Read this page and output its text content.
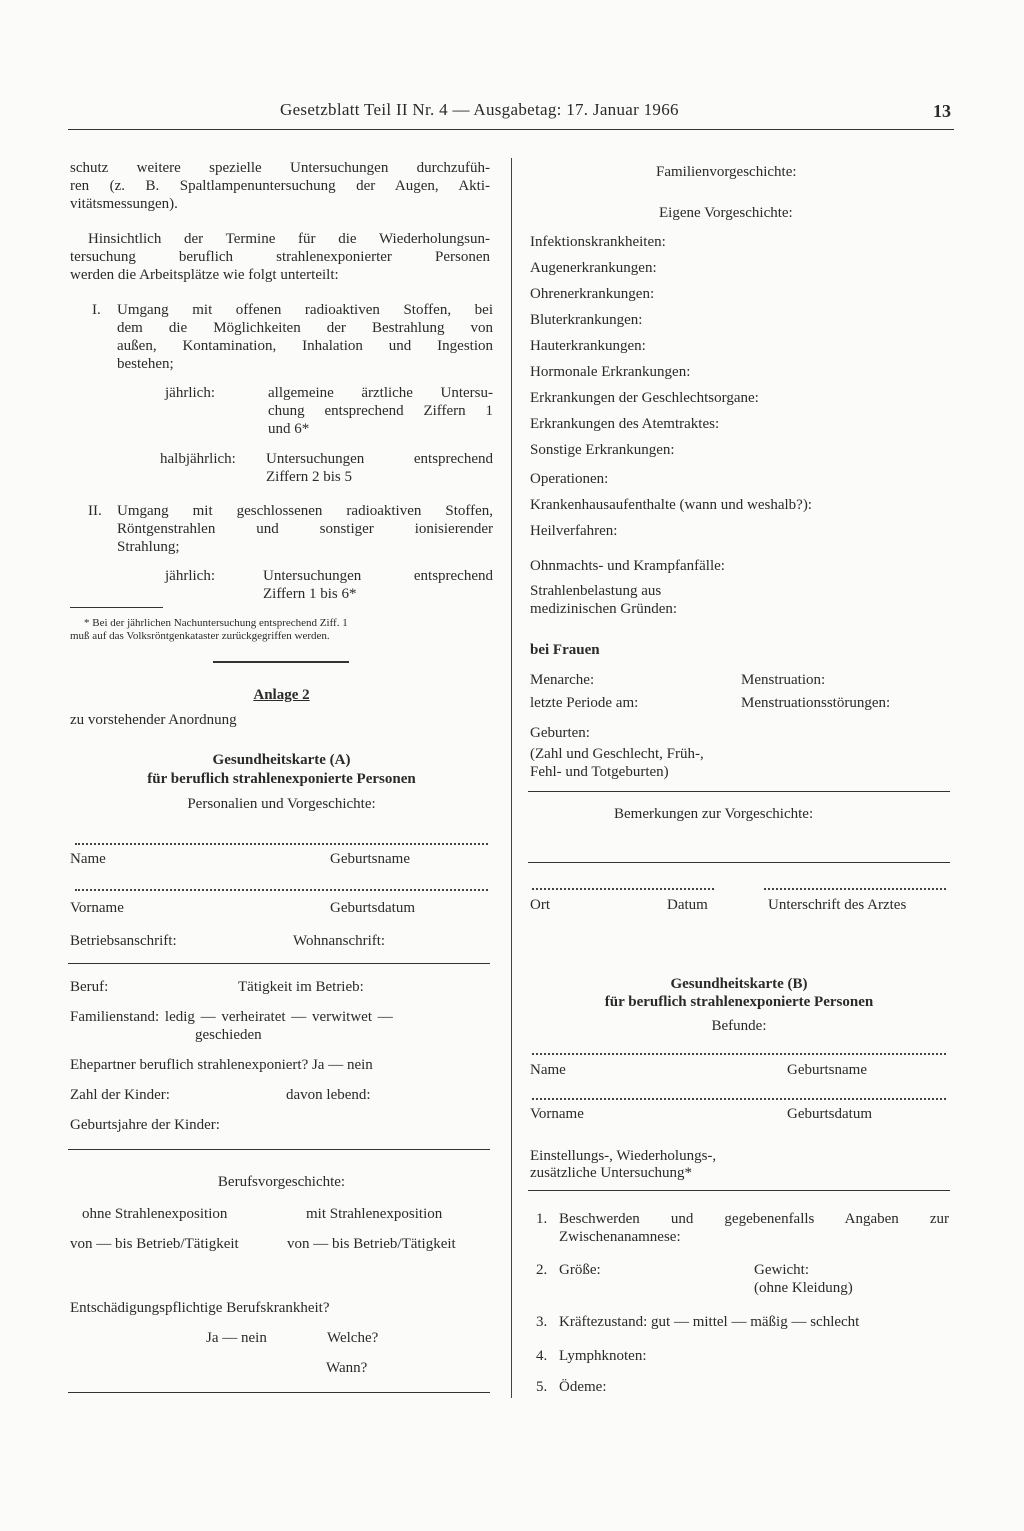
Gesetzblatt Teil II Nr. 4 — Ausgabetag: 17. Januar 1966	13
schutz weitere spezielle Untersuchungen durchzufüh-
ren (z. B. Spaltlampenuntersuchung der Augen, Akti-
vitätsmessungen).
Hinsichtlich der Termine für die Wiederholungsun-
tersuchung beruflich strahlenexponierter Personen
werden die Arbeitsplätze wie folgt unterteilt:
I. Umgang mit offenen radioaktiven Stoffen, bei
dem die Möglichkeiten der Bestrahlung von
außen, Kontamination, Inhalation und Ingestion
bestehen;
jährlich:	allgemeine ärztliche Untersu-
chung entsprechend Ziffern 1
und 6*
halbjährlich: Untersuchungen entsprechend
Ziffern 2 bis 5
II. Umgang mit geschlossenen radioaktiven Stoffen,
Röntgenstrahlen und sonstiger ionisierender
Strahlung;
jährlich:	Untersuchungen entsprechend
Ziffern 1 bis 6*
* Bei der jährlichen Nachuntersuchung entsprechend Ziff. 1
muß auf das Volksröntgenkataster zurückgegriffen werden.
Anlage 2
zu vorstehender Anordnung
Gesundheitskarte (A)
für beruflich strahlenexponierte Personen
Personalien und Vorgeschichte:
Name	Geburtsname
Vorname	Geburtsdatum
Betriebsanschrift:	Wohnanschrift:
Beruf:	Tätigkeit im Betrieb:
Familienstand: ledig — verheiratet — verwitwet —
geschieden
Ehepartner beruflich strahlenexponiert? Ja — nein
Zahl der Kinder:	davon lebend:
Geburtsjahre der Kinder:
Berufsvorgeschichte:
ohne Strahlenexposition	mit Strahlenexposition
von — bis Betrieb/Tätigkeit	von — bis Betrieb/Tätigkeit
Entschädigungspflichtige Berufskrankheit?
Ja — nein	Welche?
Wann?
Familienvorgeschichte:
Eigene Vorgeschichte:
Infektionskrankheiten:
Augenerkrankungen:
Ohrenerkrankungen:
Bluterkrankungen:
Hauterkrankungen:
Hormonale Erkrankungen:
Erkrankungen der Geschlechtsorgane:
Erkrankungen des Atemtraktes:
Sonstige Erkrankungen:
Operationen:
Krankenhausaufenthalte (wann und weshalb?):
Heilverfahren:
Ohnmachts- und Krampfanfälle:
Strahlenbelastung aus
medizinischen Gründen:
bei Frauen
Menarche:	Menstruation:
letzte Periode am:	Menstruationsstörungen:
Geburten:
(Zahl und Geschlecht, Früh-,
Fehl- und Totgeburten)
Bemerkungen zur Vorgeschichte:
Ort	Datum	Unterschrift des Arztes
Gesundheitskarte (B)
für beruflich strahlenexponierte Personen
Befunde:
Name	Geburtsname
Vorname	Geburtsdatum
Einstellungs-, Wiederholungs-,
zusätzliche Untersuchung*
1. Beschwerden und gegebenenfalls Angaben zur
Zwischenanamnese:
2. Größe:	Gewicht:
(ohne Kleidung)
3. Kräftezustand: gut — mittel — mäßig — schlecht
4. Lymphknoten:
5. Ödeme:
